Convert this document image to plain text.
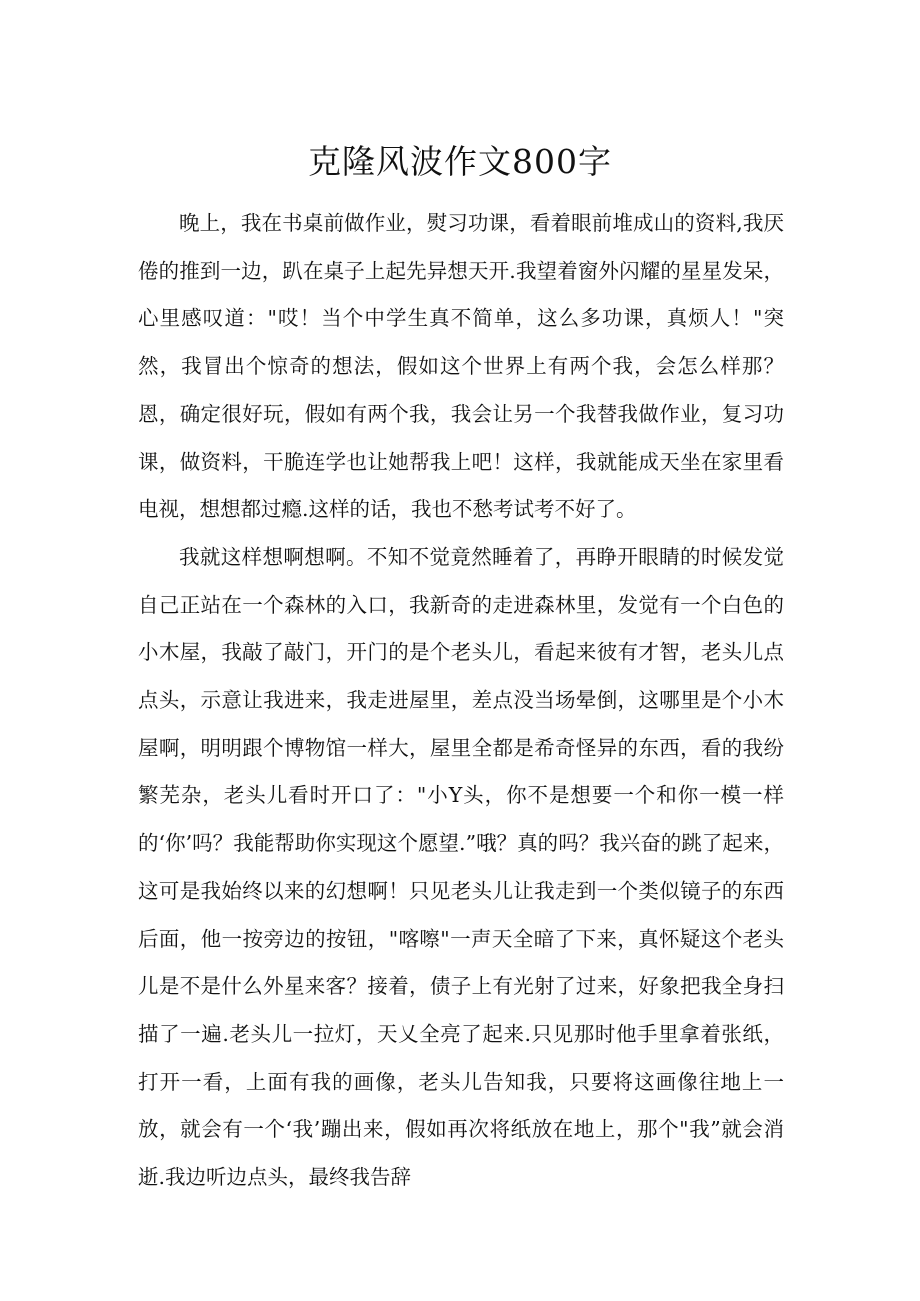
克隆风波作文800字

晚上，我在书桌前做作业，熨习功课，看着眼前堆成山的资料,我厌倦的推到一边，趴在桌子上起先异想天开.我望着窗外闪耀的星星发呆，心里感叹道："哎！当个中学生真不简单，这么多功课，真烦人！"突然，我冒出个惊奇的想法，假如这个世界上有两个我，会怎么样那？恩，确定很好玩，假如有两个我，我会让另一个我替我做作业，复习功课，做资料，干脆连学也让她帮我上吧！这样，我就能成天坐在家里看电视，想想都过瘾.这样的话，我也不愁考试考不好了。

我就这样想啊想啊。不知不觉竟然睡着了，再睁开眼睛的时候发觉自己正站在一个森林的入口，我新奇的走进森林里，发觉有一个白色的小木屋，我敲了敲门，开门的是个老头儿，看起来彼有才智，老头儿点点头，示意让我进来，我走进屋里，差点没当场晕倒，这哪里是个小木屋啊，明明跟个博物馆一样大，屋里全都是希奇怪异的东西，看的我纷繁芜杂，老头儿看时开口了："小Y头，你不是想要一个和你一模一样的‘你’吗？我能帮助你实现这个愿望.”哦？真的吗？我兴奋的跳了起来，这可是我始终以来的幻想啊！只见老头儿让我走到一个类似镜子的东西后面，他一按旁边的按钮，"喀嚓"一声天全暗了下来，真怀疑这个老头儿是不是什么外星来客？接着，债子上有光射了过来，好象把我全身扫描了一遍.老头儿一拉灯，天乂全亮了起来.只见那时他手里拿着张纸，打开一看，上面有我的画像，老头儿告知我，只要将这画像往地上一放，就会有一个‘我’蹦出来，假如再次将纸放在地上，那个"我”就会消逝.我边听边点头，最终我告辞
